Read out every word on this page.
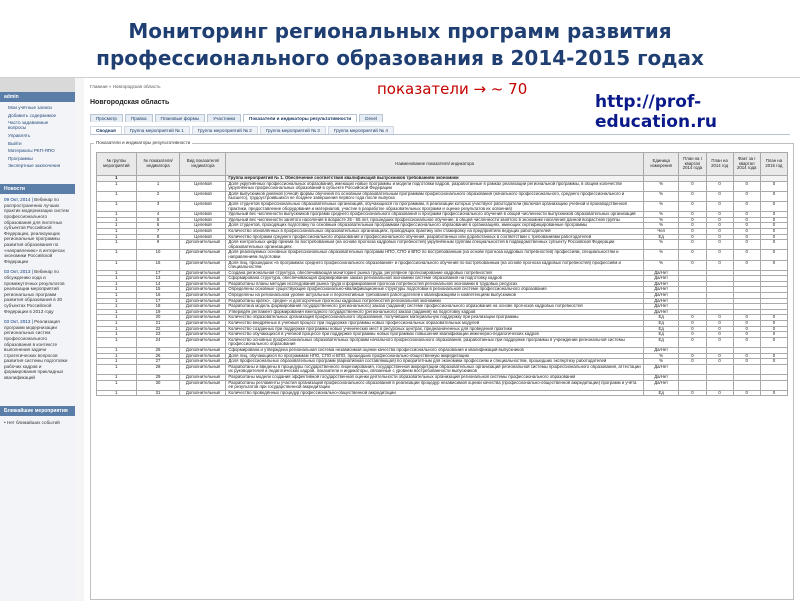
Мониторинг региональных программ развития
профессионального образования в 2014-2015 годах
admin
Мои учётные записи
Добавить содержимое
Часто задаваемые вопросы
Управлять
Выйти
Материалы РКП-ЯПО
Программы
Экспертные заключения
Новости
09 Окт, 2014 | Вебинар по распространению лучших практик модернизации систем профессионального образования для пилотных субъектов Российской Федерации, реализующих региональные программы развития образования по «направлению» в интересах экономики Российской Федерации
03 Окт, 2013 | Вебинар по обсуждению хода и промежуточных результатов реализации мероприятий региональных программ развития образования в 30 субъектах Российской Федерации в 2013 году
03 Окт, 2013 | Реализация программ модернизации региональных систем профессионального образования в контексте выполнения задачи стратегических вопросов развития системы подготовки рабочих кадров и формирования прикладных квалификаций
Ближайшие мероприятия
• Нет ближайших событий
Главная » Новгородская область
Новгородская область
показатели → ~ 70
http://prof-education.ru
Просмотр	Правка	Плановые формы	Участники	Показатели и индикаторы результативности	Devel
Сводная	Группа мероприятий № 1	Группа мероприятий № 2	Группа мероприятий № 3	Группа мероприятий № 4
Показатели и индикаторы результативности
№ группы мероприятий	№ показателя/ индикатора	Вид показателя/ индикатора	Наименование показателя/ индикатора	Единица измерения	План на I квартал 2014 года	План на 2014 год	Факт за I квартал 2014 года	План на 2015 год
1			Группа мероприятий № 1. Обеспечение соответствия квалификаций выпускников требованиям экономики					
1	1	Целевой	Доля укрупнённых профессиональных образований, имеющих новые программы и модели подготовки кадров, разработанные в рамках реализации региональной программы, в общем количестве укрупнённых профессиональных образований в субъекте Российской Федерации	%	0	0	0	0
1	2	Целевой	Доля выпускников дневной (очной) формы обучения по основным образовательным программам профессионального образования (начального профессионального, среднего профессионального и высшего), трудоустроившихся не позднее завершения первого года после выпуска	%	0	0	0	0
1	3	Целевой	Доля студентов профессиональных образовательных организаций, обучающихся по программам, в реализации которых участвуют работодатели (включая организацию учебной и производственной практики, предоставление оборудования и материалов, участие в разработке образовательных программ и оценке результатов их освоения)	%	0	0	0	0
1	4	Целевой	Удельный вес численности выпускников программ среднего профессионального образования и программ профессионального обучения в общей численности выпускников образовательных организаций	%	0	0	0	0
1	5	Целевой	Удельный вес численности занятого населения в возрасте 25 - 65 лет, прошедших профессиональное обучение, в общей численности занятого в экономике населения данной возрастной группы	%	0	0	0	0
1	6	Целевой	Доля студентов, проходящих подготовку по основным образовательным программам профессионального образования в организациях, имеющих сертифицированные программы	%	0	0	0	0
1	7	Целевой	Количество обновлённых в профессиональных образовательных организациях, проводящих практику или стажировку на предприятиях ведущих работодателей	Чел	0	0	0	0
1	8	Целевой	Количество программ среднего профессионального образования и профессионального обучения, разработанных или доработанных в соответствии с требованиями работодателей	Ед	0	0	0	0
1	9	Дополнительный	Доля контрольных цифр приема по востребованным (на основе прогноза кадровых потребностей) укрупнённым группам специальностей в подведомственных субъекту Российской Федерации образовательных организациях	%	0	0	0	0
1	10	Дополнительный	Доля реализуемых основных профессиональных образовательных программ НПО, СПО и ВПО по востребованным (на основе прогноза кадровых потребностей) профессиям, специальностям и направлениям подготовки	%	0	0	0	0
1	16	Дополнительный	Доля лиц, прошедших «в программах среднего профессионального образования» и профессионального обучения по востребованным (на основе прогноза кадровых потребностей) профессиям и специальностям	%	0	0	0	0
1	17	Дополнительный	Создана региональная структура, обеспечивающая мониторинг рынка труда, регулярное прогнозирование кадровых потребностей	Да/Нет				
1	13	Дополнительный	Сформирована структура, обеспечивающая формирование заказа региональной экономики системе образования на подготовку кадров	Да/Нет				
1	14	Дополнительный	Разработаны планы методик исследования рынка труда и формирования прогноза потребностей региональной экономики в трудовых ресурсах	Да/Нет				
1	15	Дополнительный	Определены основные существующие профессионально-квалификационные структуры подготовки в региональной системе профессионального образования	Да/Нет				
1	16	Дополнительный	Определены на региональном уровне актуальные и перспективные требования работодателей к квалификациям и компетенциям выпускников	Да/Нет				
1	17	Дополнительный	Разработаны кратко-, средне- и долгосрочные прогнозы кадровых потребностей региональной экономики	Да/Нет				
1	18	Дополнительный	Разработана модель формирования государственного (регионального) заказа (заданий) системе профессионального образования на основе прогнозов кадровых потребностей	Да/Нет				
1	19	Дополнительный	Утверждён регламент формирования ежегодного государственного (регионального) заказа (задания) на подготовку кадров	Да/Нет				
1	20	Дополнительный	Количество образовательных организаций профессионального образования, получивших материальную поддержку при реализации программы	Ед	0	0	0	0
1	21	Дополнительный	Количество внедрённых в учебный процесс при поддержке программы новых профессиональных образовательных модулей	Ед	0	0	0	0
1	22	Дополнительный	Количество созданных при поддержке программы новых ученических мест в ресурсных центрах, предназначенных для проведения практики	Ед	0	0	0	0
1	23	Дополнительный	Количество обучающихся в учебной процессе при поддержке программы новых программах повышения квалификации инженерно-педагогических кадров	Ед	0	0	0	0
1	24	Дополнительный	Количество основных профессиональных образовательных программ начального профессионального образования, разработанных при поддержке программы в учреждении региональной системы профессионального образования	Ед	0	0	0	0
1	25	Дополнительный	Сформирована и утверждена региональная система независимой оценки качества профессионального образования и квалификаций выпускников	Да/Нет				
1	26	Дополнительный	Доля лиц, обучающихся по программам НПО, СПО и ВПО, прошедших профессионально-общественную аккредитацию	%	0	0	0	0
1	27	Дополнительный	Доля профессиональных образовательных программ (вариативная составляющая) по приоритетным для экономики профессиям и специальностям, прошедших экспертизу работодателей	%	0	0	0	0
1	28	Дополнительный	Разработаны и введены в процедуры государственного лицензирования, государственной аккредитации образовательных организаций региональной системы профессионального образования, аттестации их руководителей и педагогических кадров, показатели и индикаторы, связанные с уровнем востребованности выпускников	Да/Нет				
1	29	Дополнительный	Разработаны модели создания эффективной государственной оценки деятельности образовательных организаций региональной системы профессионального образования	Да/Нет				
1	30	Дополнительный	Разработаны регламенты участия организаций профессионального образования в реализации процедур независимой оценки качества (профессионально-общественной аккредитации) программ и учёта её результатов при государственной аккредитации	Да/Нет				
1	31	Дополнительный	Количество проведённых процедур профессионально-общественной аккредитации	Ед	0	0	0	0
